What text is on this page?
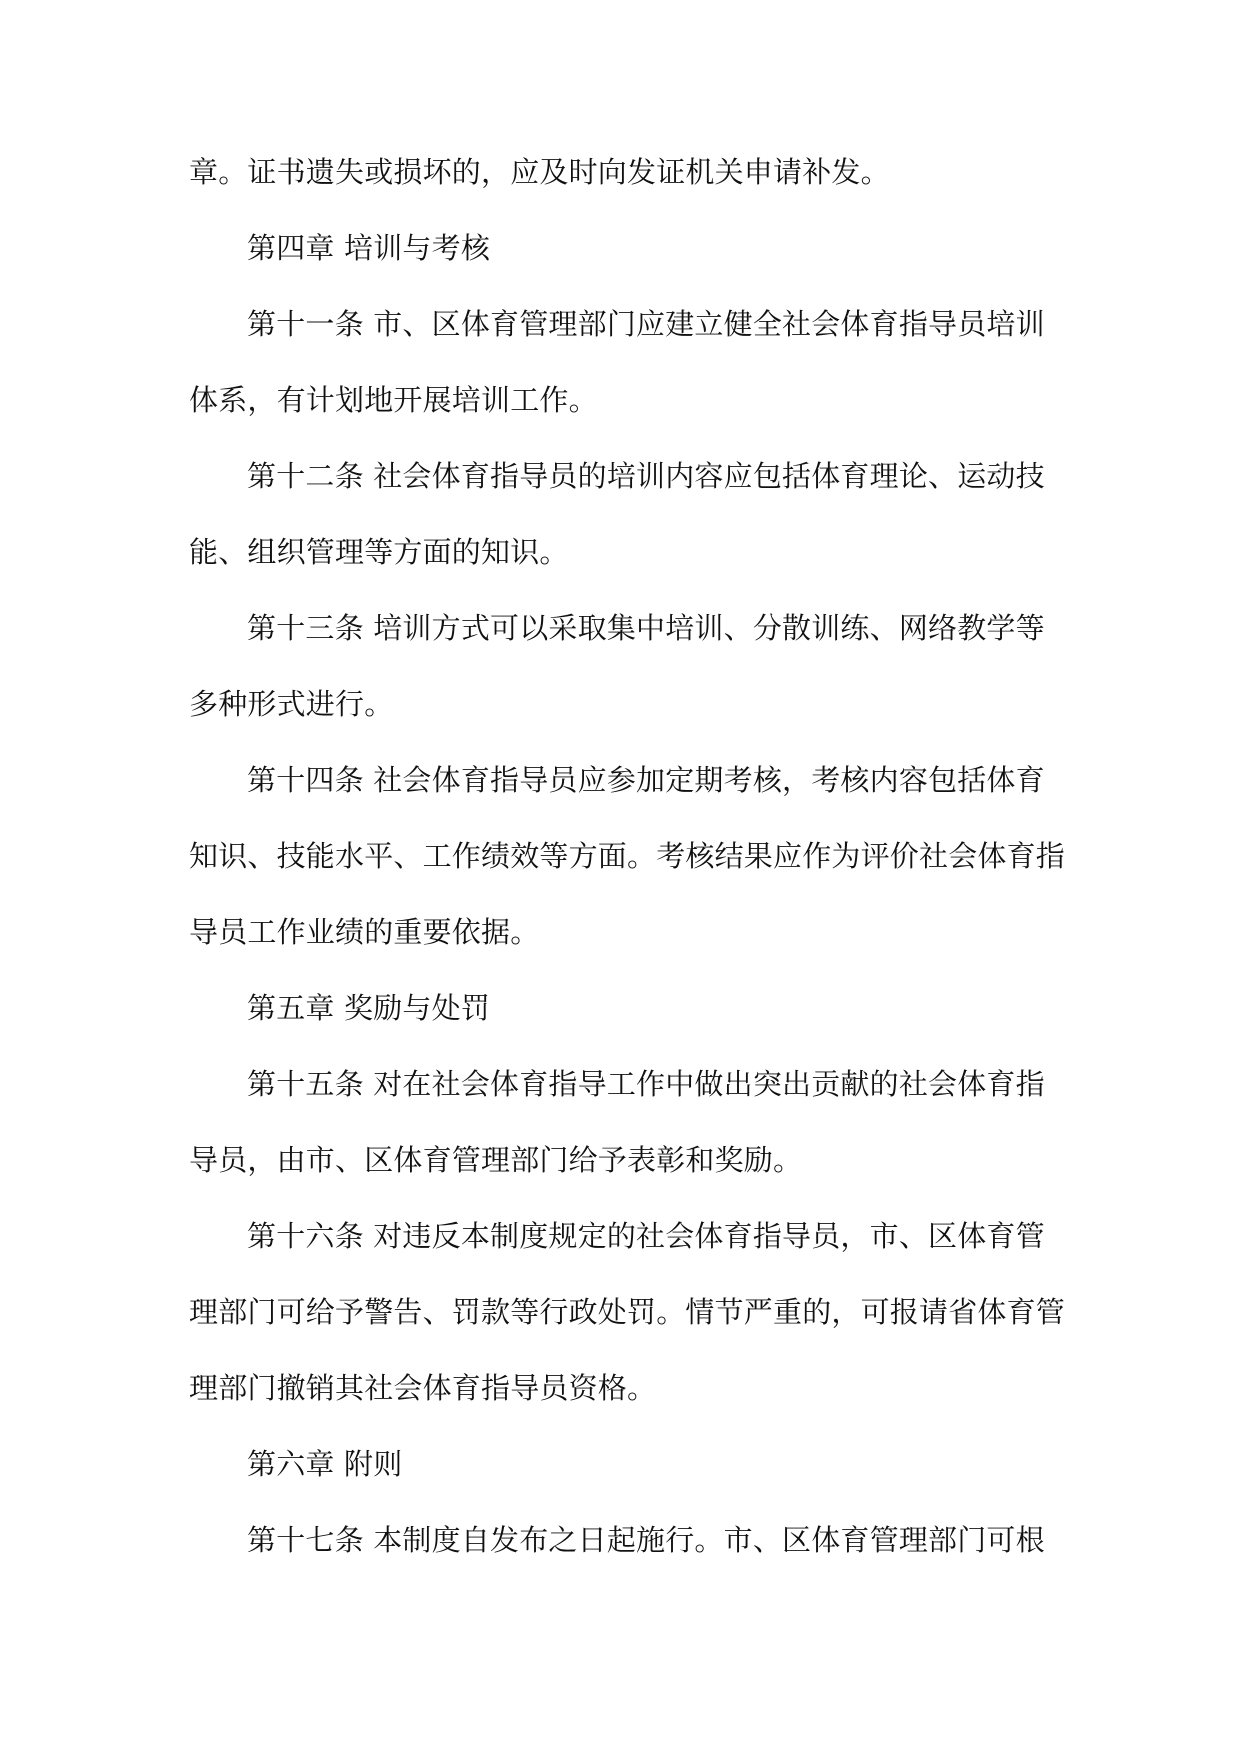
章。证书遗失或损坏的，应及时向发证机关申请补发。
第四章 培训与考核
第十一条 市、区体育管理部门应建立健全社会体育指导员培训
体系，有计划地开展培训工作。
第十二条 社会体育指导员的培训内容应包括体育理论、运动技
能、组织管理等方面的知识。
第十三条 培训方式可以采取集中培训、分散训练、网络教学等
多种形式进行。
第十四条 社会体育指导员应参加定期考核，考核内容包括体育
知识、技能水平、工作绩效等方面。考核结果应作为评价社会体育指
导员工作业绩的重要依据。
第五章 奖励与处罚
第十五条 对在社会体育指导工作中做出突出贡献的社会体育指
导员，由市、区体育管理部门给予表彰和奖励。
第十六条 对违反本制度规定的社会体育指导员，市、区体育管
理部门可给予警告、罚款等行政处罚。情节严重的，可报请省体育管
理部门撤销其社会体育指导员资格。
第六章 附则
第十七条 本制度自发布之日起施行。市、区体育管理部门可根
